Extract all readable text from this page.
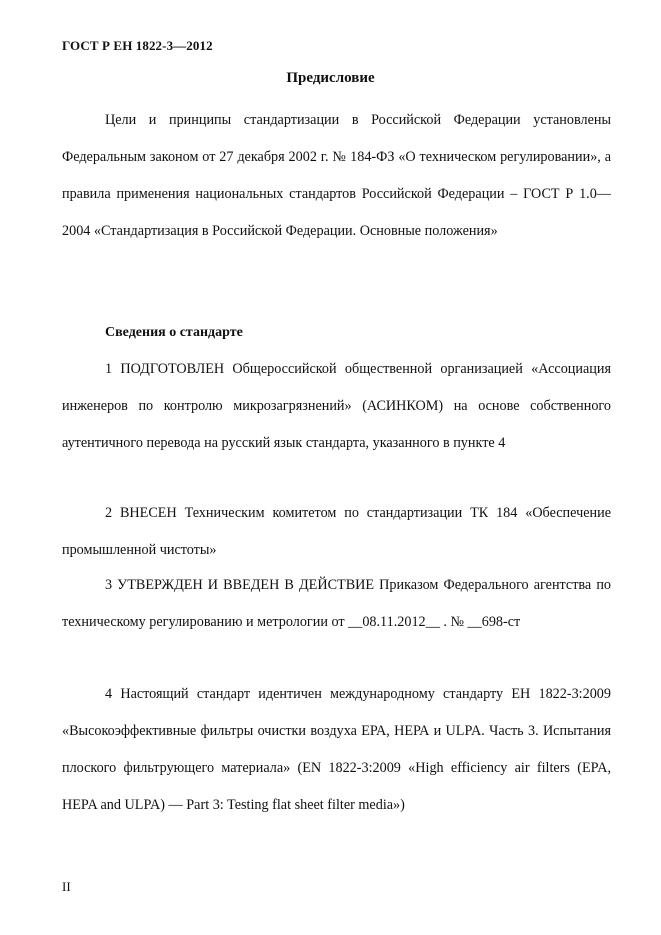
ГОСТ Р ЕН 1822-3—2012
Предисловие

Цели и принципы стандартизации в Российской Федерации установлены Федеральным законом от 27 декабря 2002 г. № 184-ФЗ «О техническом регулировании», а правила применения национальных стандартов Российской Федерации – ГОСТ Р 1.0—2004 «Стандартизация в Российской Федерации. Основные положения»

Сведения о стандарте

1 ПОДГОТОВЛЕН Общероссийской общественной организацией «Ассоциация инженеров по контролю микрозагрязнений» (АСИНКОМ) на основе собственного аутентичного перевода на русский язык стандарта, указанного в пункте 4

2 ВНЕСЕН Техническим комитетом по стандартизации ТК 184 «Обеспечение промышленной чистоты»

3 УТВЕРЖДЕН И ВВЕДЕН В ДЕЙСТВИЕ Приказом Федерального агентства по техническому регулированию и метрологии от __08.11.2012__ . № __698-ст

4 Настоящий стандарт идентичен международному стандарту ЕН 1822-3:2009 «Высокоэффективные фильтры очистки воздуха ЕРА, НЕРА и ULPA. Часть 3. Испытания плоского фильтрующего материала» (EN 1822-3:2009 «High efficiency air filters (EPA, HEPA and ULPA) — Part 3: Testing flat sheet filter media»)

II
